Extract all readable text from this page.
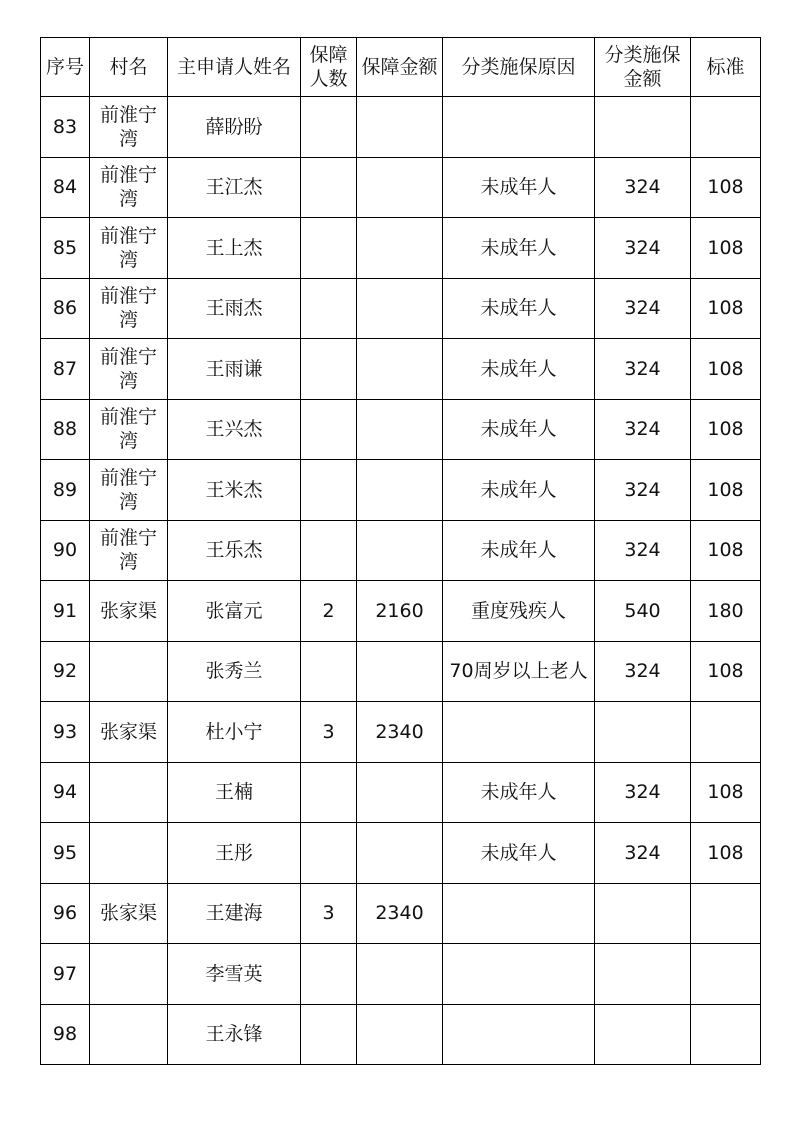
序号	村名	主申请人姓名	保障人数	保障金额	分类施保原因	分类施保金额	标准
83	前淮宁湾	薛盼盼					
84	前淮宁湾	王江杰			未成年人	324	108
85	前淮宁湾	王上杰			未成年人	324	108
86	前淮宁湾	王雨杰			未成年人	324	108
87	前淮宁湾	王雨谦			未成年人	324	108
88	前淮宁湾	王兴杰			未成年人	324	108
89	前淮宁湾	王米杰			未成年人	324	108
90	前淮宁湾	王乐杰			未成年人	324	108
91	张家渠	张富元	2	2160	重度残疾人	540	180
92		张秀兰			70周岁以上老人	324	108
93	张家渠	杜小宁	3	2340			
94		王楠			未成年人	324	108
95		王彤			未成年人	324	108
96	张家渠	王建海	3	2340			
97		李雪英					
98		王永锋					
